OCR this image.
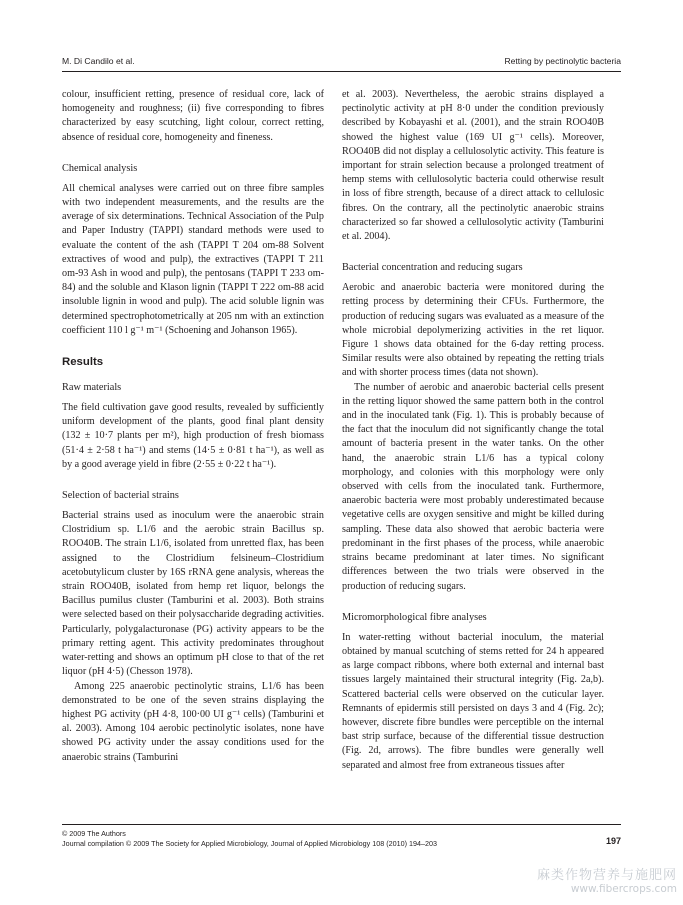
M. Di Candilo et al.	Retting by pectinolytic bacteria

colour, insufficient retting, presence of residual core, lack of homogeneity and roughness; (ii) five corresponding to fibres characterized by easy scutching, light colour, correct retting, absence of residual core, homogeneity and fineness.

Chemical analysis

All chemical analyses were carried out on three fibre samples with two independent measurements, and the results are the average of six determinations. Technical Association of the Pulp and Paper Industry (TAPPI) standard methods were used to evaluate the content of the ash (TAPPI T 204 om-88 Solvent extractives of wood and pulp), the extractives (TAPPI T 211 om-93 Ash in wood and pulp), the pentosans (TAPPI T 233 om-84) and the soluble and Klason lignin (TAPPI T 222 om-88 acid insoluble lignin in wood and pulp). The acid soluble lignin was determined spectrophotometrically at 205 nm with an extinction coefficient 110 l g⁻¹ m⁻¹ (Schoening and Johanson 1965).

Results
Raw materials

The field cultivation gave good results, revealed by sufficiently uniform development of the plants, good final plant density (132 ± 10·7 plants per m²), high production of fresh biomass (51·4 ± 2·58 t ha⁻¹) and stems (14·5 ± 0·81 t ha⁻¹), as well as by a good average yield in fibre (2·55 ± 0·22 t ha⁻¹).

Selection of bacterial strains

Bacterial strains used as inoculum were the anaerobic strain Clostridium sp. L1/6 and the aerobic strain Bacillus sp. ROO40B. The strain L1/6, isolated from unretted flax, has been assigned to the Clostridium felsineum–Clostridium acetobutylicum cluster by 16S rRNA gene analysis, whereas the strain ROO40B, isolated from hemp ret liquor, belongs the Bacillus pumilus cluster (Tamburini et al. 2003). Both strains were selected based on their polysaccharide degrading activities. Particularly, polygalacturonase (PG) activity appears to be the primary retting agent. This activity predominates throughout water-retting and shows an optimum pH close to that of the ret liquor (pH 4·5) (Chesson 1978).

Among 225 anaerobic pectinolytic strains, L1/6 has been demonstrated to be one of the seven strains displaying the highest PG activity (pH 4·8, 100·00 UI g⁻¹ cells) (Tamburini et al. 2003). Among 104 aerobic pectinolytic isolates, none have showed PG activity under the assay conditions used for the anaerobic strains (Tamburini

et al. 2003). Nevertheless, the aerobic strains displayed a pectinolytic activity at pH 8·0 under the condition previously described by Kobayashi et al. (2001), and the strain ROO40B showed the highest value (169 UI g⁻¹ cells). Moreover, ROO40B did not display a cellulosolytic activity. This feature is important for strain selection because a prolonged treatment of hemp stems with cellulosolytic bacteria could otherwise result in loss of fibre strength, because of a direct attack to cellulosic fibres. On the contrary, all the pectinolytic anaerobic strains characterized so far showed a cellulosolytic activity (Tamburini et al. 2004).

Bacterial concentration and reducing sugars

Aerobic and anaerobic bacteria were monitored during the retting process by determining their CFUs. Furthermore, the production of reducing sugars was evaluated as a measure of the whole microbial depolymerizing activities in the ret liquor. Figure 1 shows data obtained for the 6-day retting process. Similar results were also obtained by repeating the retting trials and with shorter process times (data not shown).

The number of aerobic and anaerobic bacterial cells present in the retting liquor showed the same pattern both in the control and in the inoculated tank (Fig. 1). This is probably because of the fact that the inoculum did not significantly change the total amount of bacteria present in the water tanks. On the other hand, the anaerobic strain L1/6 has a typical colony morphology, and colonies with this morphology were only observed with cells from the inoculated tank. Furthermore, anaerobic bacteria were most probably underestimated because vegetative cells are oxygen sensitive and might be killed during sampling. These data also showed that aerobic bacteria were predominant in the first phases of the process, while anaerobic strains became predominant at later times. No significant differences between the two trials were observed in the production of reducing sugars.

Micromorphological fibre analyses

In water-retting without bacterial inoculum, the material obtained by manual scutching of stems retted for 24 h appeared as large compact ribbons, where both external and internal bast tissues largely maintained their structural integrity (Fig. 2a,b). Scattered bacterial cells were observed on the cuticular layer. Remnants of epidermis still persisted on days 3 and 4 (Fig. 2c); however, discrete fibre bundles were perceptible on the internal bast strip surface, because of the differential tissue destruction (Fig. 2d, arrows). The fibre bundles were generally well separated and almost free from extraneous tissues after

© 2009 The Authors
Journal compilation © 2009 The Society for Applied Microbiology, Journal of Applied Microbiology 108 (2010) 194–203	197
麻类作物营养与施肥网
www.fibercrops.com
